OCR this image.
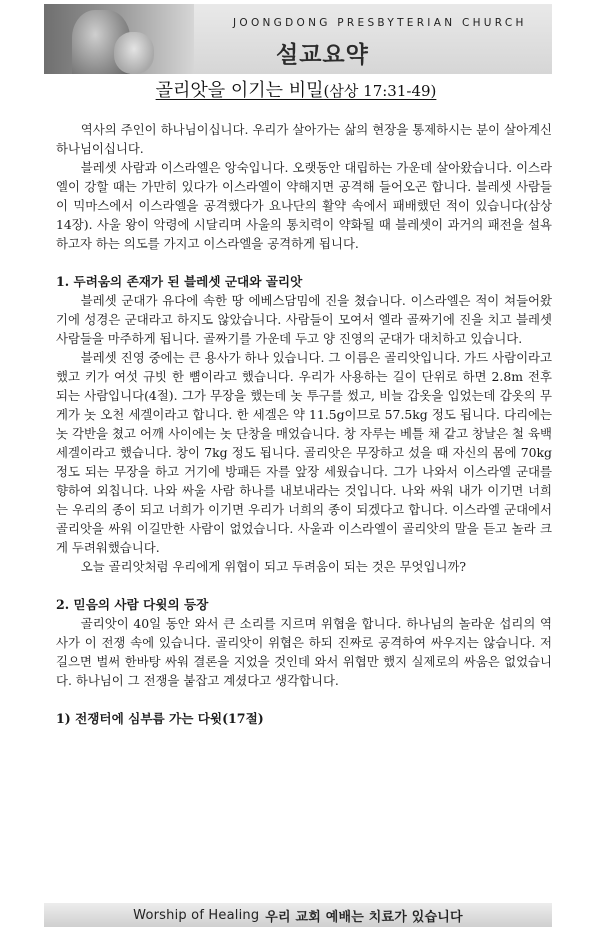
JOONGDONG PRESBYTERIAN CHURCH
설교요약
골리앗을 이기는 비밀(삼상 17:31-49)

역사의 주인이 하나님이십니다. 우리가 살아가는 삶의 현장을 통제하시는 분이 살아계신 하나님이십니다.

블레셋 사람과 이스라엘은 앙숙입니다. 오랫동안 대립하는 가운데 살아왔습니다. 이스라엘이 강할 때는 가만히 있다가 이스라엘이 약해지면 공격해 들어오곤 합니다. 블레셋 사람들이 믹마스에서 이스라엘을 공격했다가 요나단의 활약 속에서 패배했던 적이 있습니다(삼상14장). 사울 왕이 악령에 시달리며 사울의 통치력이 약화될 때 블레셋이 과거의 패전을 설욕하고자 하는 의도를 가지고 이스라엘을 공격하게 됩니다.

1. 두려움의 존재가 된 블레셋 군대와 골리앗

블레셋 군대가 유다에 속한 땅 에베스담밈에 진을 쳤습니다. 이스라엘은 적이 쳐들어왔기에 성경은 군대라고 하지도 않았습니다. 사람들이 모여서 엘라 골짜기에 진을 치고 블레셋 사람들을 마주하게 됩니다. 골짜기를 가운데 두고 양 진영의 군대가 대치하고 있습니다.

블레셋 진영 중에는 큰 용사가 하나 있습니다. 그 이름은 골리앗입니다. 가드 사람이라고 했고 키가 여섯 규빗 한 뼘이라고 했습니다. 우리가 사용하는 길이 단위로 하면 2.8m 전후 되는 사람입니다(4절). 그가 무장을 했는데 놋 투구를 썼고, 비늘 갑옷을 입었는데 갑옷의 무게가 놋 오천 세겔이라고 합니다. 한 세겔은 약 11.5g이므로 57.5kg 정도 됩니다. 다리에는 놋 각반을 쳤고 어깨 사이에는 놋 단창을 매었습니다. 창 자루는 베틀 채 같고 창날은 철 육백 세겔이라고 했습니다. 창이 7kg 정도 됩니다. 골리앗은 무장하고 섰을 때 자신의 몸에 70kg 정도 되는 무장을 하고 거기에 방패든 자를 앞장 세웠습니다. 그가 나와서 이스라엘 군대를 향하여 외칩니다. 나와 싸울 사람 하나를 내보내라는 것입니다. 나와 싸워 내가 이기면 너희는 우리의 종이 되고 너희가 이기면 우리가 너희의 종이 되겠다고 합니다. 이스라엘 군대에서 골리앗을 싸워 이길만한 사람이 없었습니다. 사울과 이스라엘이 골리앗의 말을 듣고 놀라 크게 두려워했습니다.

오늘 골리앗처럼 우리에게 위협이 되고 두려움이 되는 것은 무엇입니까?

2. 믿음의 사람 다윗의 등장

골리앗이 40일 동안 와서 큰 소리를 지르며 위협을 합니다. 하나님의 놀라운 섭리의 역사가 이 전쟁 속에 있습니다. 골리앗이 위협은 하되 진짜로 공격하여 싸우지는 않습니다. 저 길으면 벌써 한바탕 싸워 결론을 지었을 것인데 와서 위협만 했지 실제로의 싸움은 없었습니다. 하나님이 그 전쟁을 붙잡고 계셨다고 생각합니다.

1) 전쟁터에 심부름 가는 다윗(17절)
Worship of Healing 우리 교회 예배는 치료가 있습니다
